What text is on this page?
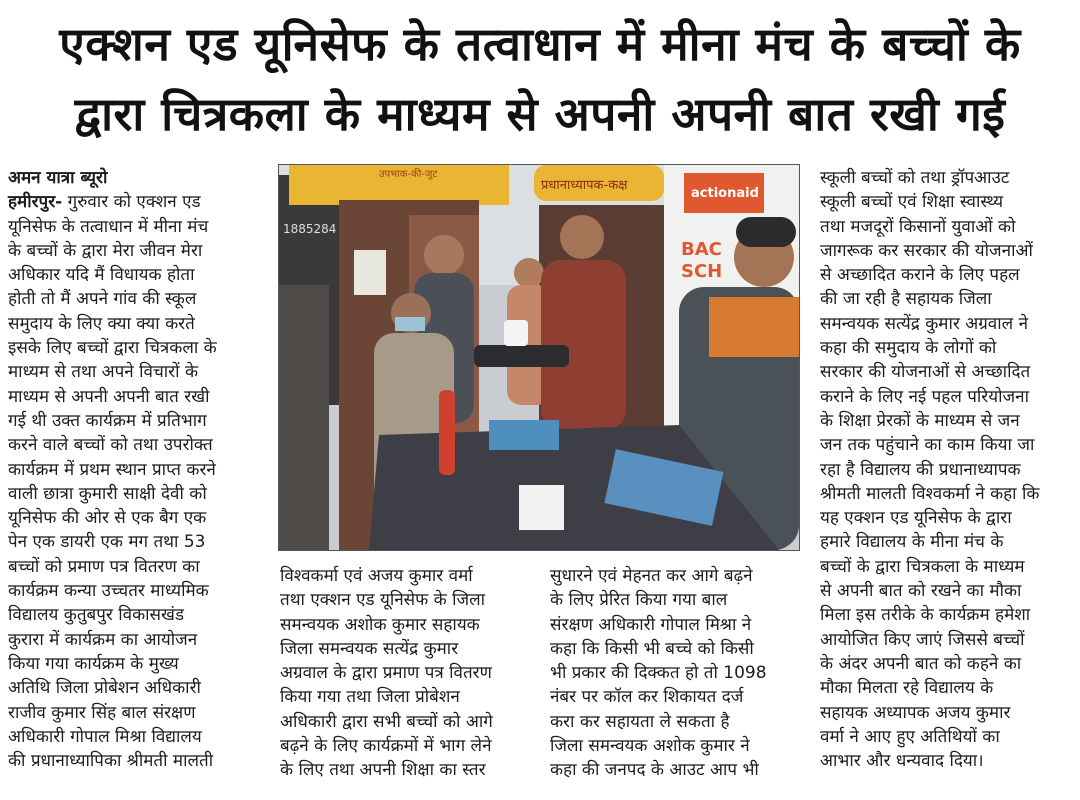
एक्शन एड यूनिसेफ के तत्वाधान में मीना मंच के बच्चों के
द्वारा चित्रकला के माध्यम से अपनी अपनी बात रखी गई
अमन यात्रा ब्यूरो
हमीरपुर- गुरुवार को एक्शन एड
यूनिसेफ के तत्वाधान में मीना मंच
के बच्चों के द्वारा मेरा जीवन मेरा
अधिकार यदि मैं विधायक होता
होती तो मैं अपने गांव की स्कूल
समुदाय के लिए क्या क्या करते
इसके लिए बच्चों द्वारा चित्रकला के
माध्यम से तथा अपने विचारों के
माध्यम से अपनी अपनी बात रखी
गई थी उक्त कार्यक्रम में प्रतिभाग
करने वाले बच्चों को तथा उपरोक्त
कार्यक्रम में प्रथम स्थान प्राप्त करने
वाली छात्रा कुमारी साक्षी देवी को
यूनिसेफ की ओर से एक बैग एक
पेन एक डायरी एक मग तथा 53
बच्चों को प्रमाण पत्र वितरण का
कार्यक्रम कन्या उच्चतर माध्यमिक
विद्यालय कुतुबपुर विकासखंड
कुरारा में कार्यक्रम का आयोजन
किया गया कार्यक्रम के मुख्य
अतिथि जिला प्रोबेशन अधिकारी
राजीव कुमार सिंह बाल संरक्षण
अधिकारी गोपाल मिश्रा विद्यालय
की प्रधानाध्यापिका श्रीमती मालती
1885284
उपभाक-की-जुट
प्रधानाध्यापक-कक्ष
actionaid
BAC
SCH
विश्वकर्मा एवं अजय कुमार वर्मा
तथा एक्शन एड यूनिसेफ के जिला
समन्वयक अशोक कुमार सहायक
जिला समन्वयक सत्येंद्र कुमार
अग्रवाल के द्वारा प्रमाण पत्र वितरण
किया गया तथा जिला प्रोबेशन
अधिकारी द्वारा सभी बच्चों को आगे
बढ़ने के लिए कार्यक्रमों में भाग लेने
के लिए तथा अपनी शिक्षा का स्तर
सुधारने एवं मेहनत कर आगे बढ़ने
के लिए प्रेरित किया गया बाल
संरक्षण अधिकारी गोपाल मिश्रा ने
कहा कि किसी भी बच्चे को किसी
भी प्रकार की दिक्कत हो तो 1098
नंबर पर कॉल कर शिकायत दर्ज
करा कर सहायता ले सकता है
जिला समन्वयक अशोक कुमार ने
कहा की जनपद के आउट आप भी
स्कूली बच्चों को तथा ड्रॉपआउट
स्कूली बच्चों एवं शिक्षा स्वास्थ्य
तथा मजदूरों किसानों युवाओं को
जागरूक कर सरकार की योजनाओं
से अच्छादित कराने के लिए पहल
की जा रही है सहायक जिला
समन्वयक सत्येंद्र कुमार अग्रवाल ने
कहा की समुदाय के लोगों को
सरकार की योजनाओं से अच्छादित
कराने के लिए नई पहल परियोजना
के शिक्षा प्रेरकों के माध्यम से जन
जन तक पहुंचाने का काम किया जा
रहा है विद्यालय की प्रधानाध्यापक
श्रीमती मालती विश्वकर्मा ने कहा कि
यह एक्शन एड यूनिसेफ के द्वारा
हमारे विद्यालय के मीना मंच के
बच्चों के द्वारा चित्रकला के माध्यम
से अपनी बात को रखने का मौका
मिला इस तरीके के कार्यक्रम हमेशा
आयोजित किए जाएं जिससे बच्चों
के अंदर अपनी बात को कहने का
मौका मिलता रहे विद्यालय के
सहायक अध्यापक अजय कुमार
वर्मा ने आए हुए अतिथियों का
आभार और धन्यवाद दिया।
